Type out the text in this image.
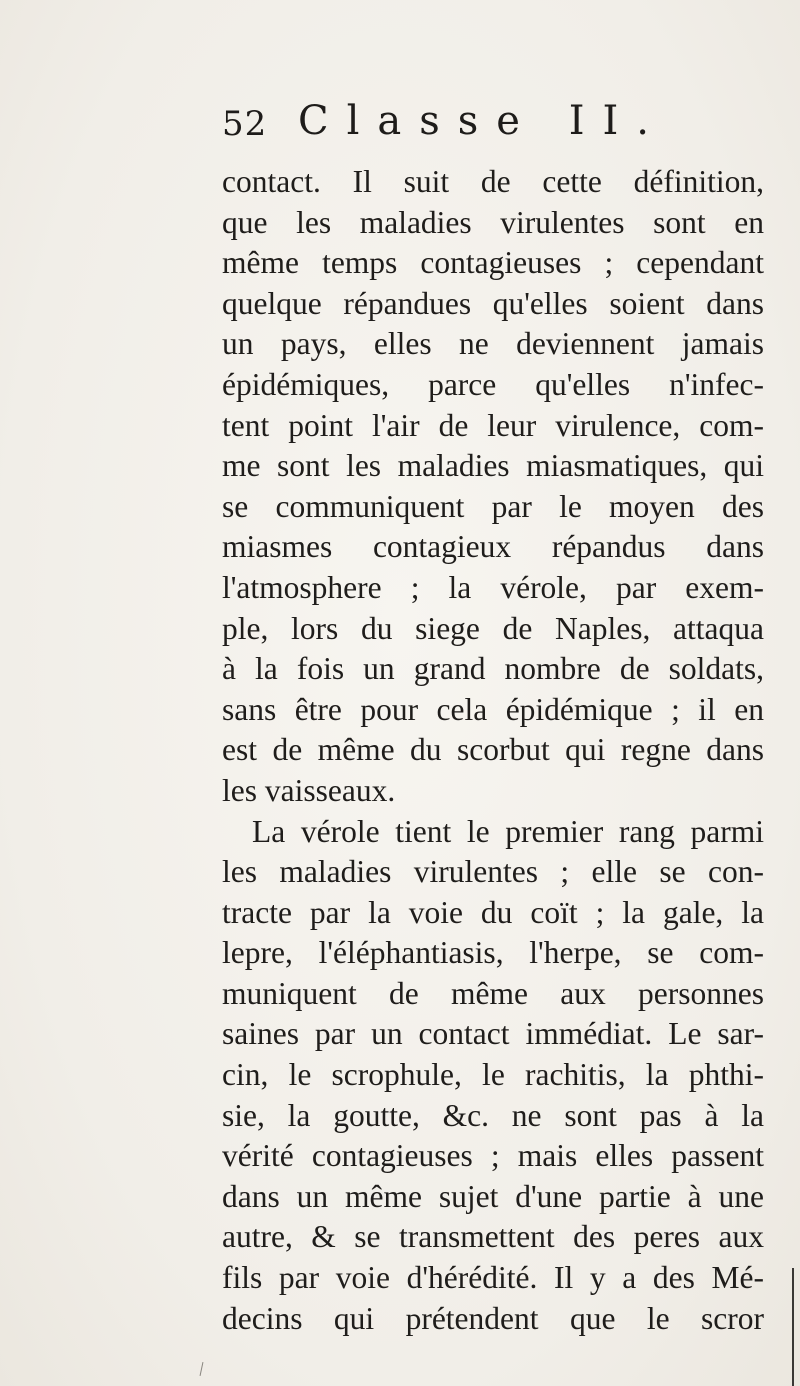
52 Classe II.
contact. Il suit de cette définition,
que les maladies virulentes sont en
même temps contagieuses ; cependant
quelque répandues qu'elles soient dans
un pays, elles ne deviennent jamais
épidémiques, parce qu'elles n'infec-
tent point l'air de leur virulence, com-
me sont les maladies miasmatiques, qui
se communiquent par le moyen des
miasmes contagieux répandus dans
l'atmosphere ; la vérole, par exem-
ple, lors du siege de Naples, attaqua
à la fois un grand nombre de soldats,
sans être pour cela épidémique ; il en
est de même du scorbut qui regne dans
les vaisseaux.
La vérole tient le premier rang parmi
les maladies virulentes ; elle se con-
tracte par la voie du coït ; la gale, la
lepre, l'éléphantiasis, l'herpe, se com-
muniquent de même aux personnes
saines par un contact immédiat. Le sar-
cin, le scrophule, le rachitis, la phthi-
sie, la goutte, &c. ne sont pas à la
vérité contagieuses ; mais elles passent
dans un même sujet d'une partie à une
autre, & se transmettent des peres aux
fils par voie d'hérédité. Il y a des Mé-
decins qui prétendent que le scror
